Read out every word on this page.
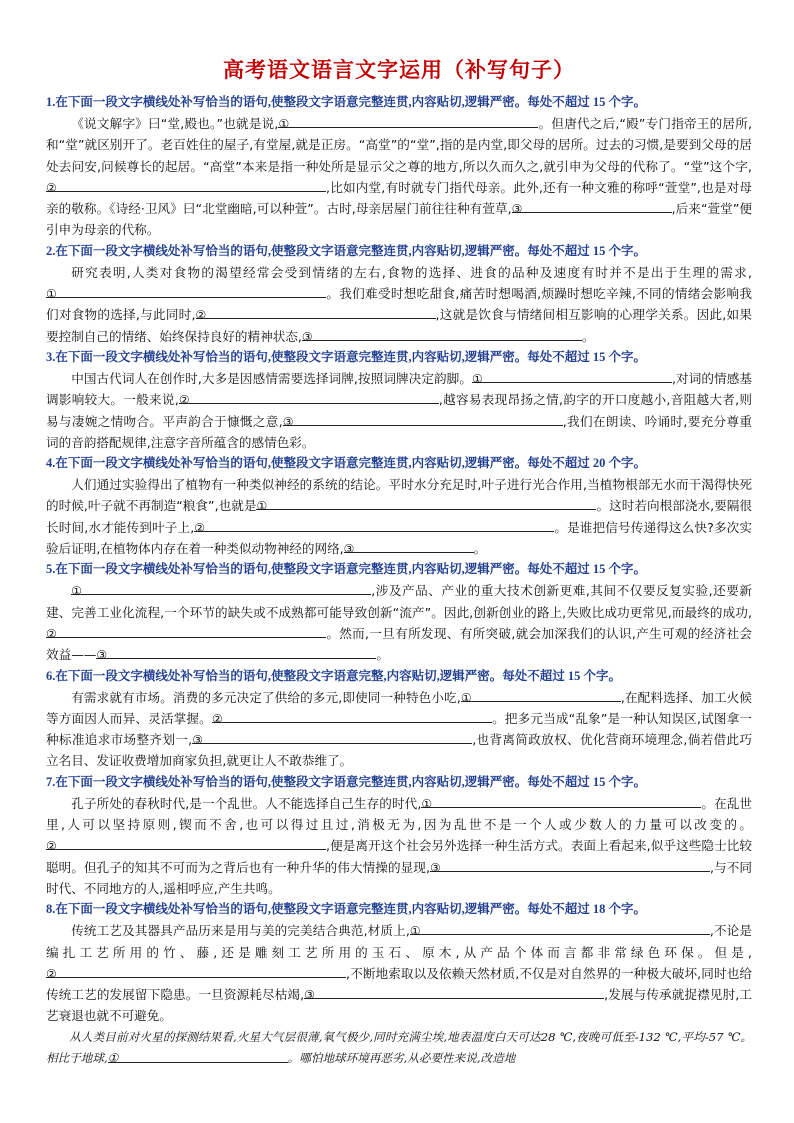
高考语文语言文字运用（补写句子）
1.在下面一段文字横线处补写恰当的语句,使整段文字语意完整连贯,内容贴切,逻辑严密。每处不超过 15 个字。

《说文解字》曰“堂,殿也。”也就是说,①	。但唐代之后,“殿”专门指帝王的居所,和“堂”就区别开了。老百姓住的屋子,有堂屋,就是正房。“高堂”的“堂”,指的是内堂,即父母的居所。过去的习惯,是要到父母的居处去问安,问候尊长的起居。“高堂”本来是指一种处所是显示父之尊的地方,所以久而久之,就引申为父母的代称了。“堂”这个字,②	,比如内堂,有时就专门指代母亲。此外,还有一种文雅的称呼“萱堂”,也是对母亲的敬称。《诗经·卫风》曰“北堂幽暗,可以种萱”。古时,母亲居屋门前往往种有萱草,③	,后来“萱堂”便引申为母亲的代称。

2.在下面一段文字横线处补写恰当的语句,使整段文字语意完整连贯,内容贴切,逻辑严密。每处不超过 15 个字。

研究表明,人类对食物的渴望经常会受到情绪的左右,食物的选择、进食的品种及速度有时并不是出于生理的需求,①	。我们难受时想吃甜食,痛苦时想喝酒,烦躁时想吃辛辣,不同的情绪会影响我们对食物的选择,与此同时,②	,这就是饮食与情绪间相互影响的心理学关系。因此,如果要控制自己的情绪、始终保持良好的精神状态,③	。

3.在下面一段文字横线处补写恰当的语句,使整段文字语意完整连贯,内容贴切,逻辑严密。每处不超过 15 个字。

中国古代词人在创作时,大多是因感情需要选择词牌,按照词牌决定韵脚。①	,对词的情感基调影响较大。一般来说,②	,越容易表现昂扬之情,韵字的开口度越小,音阻越大者,则易与凄婉之情吻合。平声韵合于慷慨之意,③	,我们在朗读、吟诵时,要充分尊重词的音韵搭配规律,注意字音所蕴含的感情色彩。

4.在下面一段文字横线处补写恰当的语句,使整段文字语意完整连贯,内容贴切,逻辑严密。每处不超过 20 个字。

人们通过实验得出了植物有一种类似神经的系统的结论。平时水分充足时,叶子进行光合作用,当植物根部无水而干渴得快死的时候,叶子就不再制造“粮食”,也就是①	。这时若向根部浇水,要隔很长时间,水才能传到叶子上,②	。是谁把信号传递得这么快?多次实验后证明,在植物体内存在着一种类似动物神经的网络,③	。

5.在下面一段文字横线处补写恰当的语句,使整段文字语意完整连贯,内容贴切,逻辑严密。每处不超过 15 个字。

①	,涉及产品、产业的重大技术创新更难,其间不仅要反复实验,还要新建、完善工业化流程,一个环节的缺失或不成熟都可能导致创新“流产”。因此,创新创业的路上,失败比成功更常见,而最终的成功,②	。然而,一旦有所发现、有所突破,就会加深我们的认识,产生可观的经济社会效益——③	。

6.在下面一段文字横线处补写恰当的语句,使整段文字语意完整,内容贴切,逻辑严密。每处不超过 15 个字。

有需求就有市场。消费的多元决定了供给的多元,即使同一种特色小吃,①	,在配料选择、加工火候等方面因人而异、灵活掌握。②	。把多元当成“乱象”是一种认知误区,试图拿一种标准追求市场整齐划一,③	,也背离简政放权、优化营商环境理念,倘若借此巧立名目、发证收费增加商家负担,就更让人不敢恭维了。

7.在下面一段文字横线处补写恰当的语句,使整段文字语意完整连贯,内容贴切,逻辑严密。每处不超过 15 个字。

孔子所处的春秋时代,是一个乱世。人不能选择自己生存的时代,①	。在乱世里,人可以坚持原则,锲而不舍,也可以得过且过,消极无为,因为乱世不是一个人或少数人的力量可以改变的。②	,便是离开这个社会另外选择一种生活方式。表面上看起来,似乎这些隐士比较聪明。但孔子的知其不可而为之背后也有一种升华的伟大情操的显现,③	,与不同时代、不同地方的人,遥相呼应,产生共鸣。

8.在下面一段文字横线处补写恰当的语句,使整段文字语意完整连贯,内容贴切,逻辑严密。每处不超过 18 个字。

传统工艺及其器具产品历来是用与美的完美结合典范,材质上,①	,不论是编扎工艺所用的竹、藤,还是雕刻工艺所用的玉石、原木,从产品个体而言都非常绿色环保。但是,②	,不断地索取以及依赖天然材质,不仅是对自然界的一种极大破坏,同时也给传统工艺的发展留下隐患。一旦资源耗尽枯竭,③	,发展与传承就捉襟见肘,工艺衰退也就不可避免。

从人类目前对火星的探测结果看,火星大气层很薄,氧气极少,同时充满尘埃,地表温度白天可达28 ℃,夜晚可低至-132 ℃,平均-57 ℃。相比于地球,①	。哪怕地球环境再恶劣,从必要性来说,改造地
